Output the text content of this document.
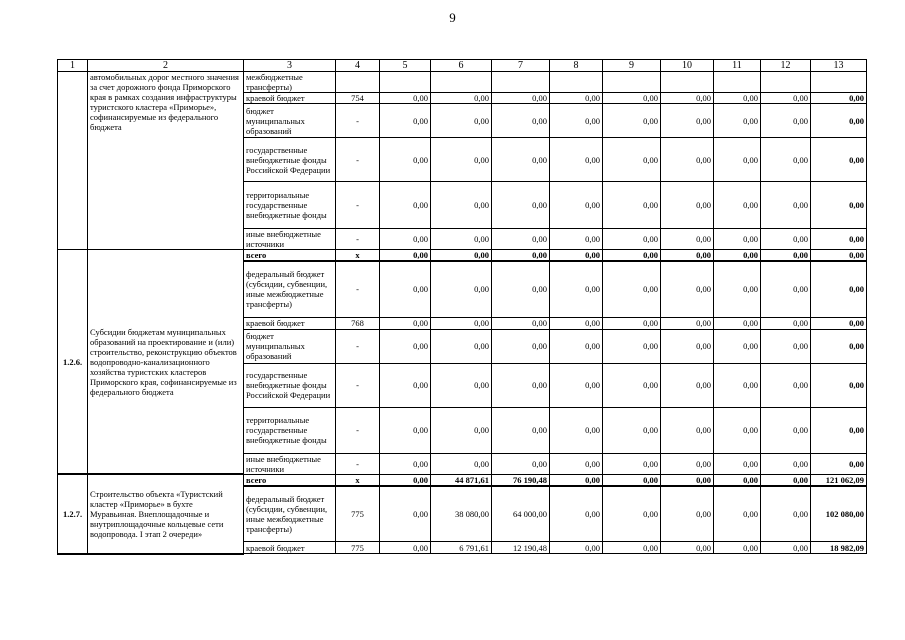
9
1	2	3	4	5	6	7	8	9	10	11	12	13
	автомобильных дорог местного значения за счет дорожного фонда Приморского края в рамках создания инфраструктуры туристского кластера «Приморье», софинансируемые из федерального бюджета	межбюджетные трансферты)										
		краевой бюджет	754	0,00	0,00	0,00	0,00	0,00	0,00	0,00	0,00	0,00
		бюджет муниципальных образований	-	0,00	0,00	0,00	0,00	0,00	0,00	0,00	0,00	0,00
		государственные внебюджетные фонды Российской Федерации	-	0,00	0,00	0,00	0,00	0,00	0,00	0,00	0,00	0,00
		территориальные государственные внебюджетные фонды	-	0,00	0,00	0,00	0,00	0,00	0,00	0,00	0,00	0,00
		иные внебюджетные источники	-	0,00	0,00	0,00	0,00	0,00	0,00	0,00	0,00	0,00
1.2.6.	Субсидии бюджетам муниципальных образований на проектирование и (или) строительство, реконструкцию объектов водопроводно-канализационного хозяйства туристских кластеров Приморского края, софинансируемые из федерального бюджета	всего	х	0,00	0,00	0,00	0,00	0,00	0,00	0,00	0,00	0,00
		федеральный бюджет (субсидии, субвенции, иные межбюджетные трансферты)	-	0,00	0,00	0,00	0,00	0,00	0,00	0,00	0,00	0,00
		краевой бюджет	768	0,00	0,00	0,00	0,00	0,00	0,00	0,00	0,00	0,00
		бюджет муниципальных образований	-	0,00	0,00	0,00	0,00	0,00	0,00	0,00	0,00	0,00
		государственные внебюджетные фонды Российской Федерации	-	0,00	0,00	0,00	0,00	0,00	0,00	0,00	0,00	0,00
		территориальные государственные внебюджетные фонды	-	0,00	0,00	0,00	0,00	0,00	0,00	0,00	0,00	0,00
		иные внебюджетные источники	-	0,00	0,00	0,00	0,00	0,00	0,00	0,00	0,00	0,00
1.2.7.	Строительство объекта «Туристский кластер «Приморье» в бухте Муравьиная. Внеплощадочные и внутриплощадочные кольцевые сети водопровода. I этап 2 очереди»	всего	х	0,00	44 871,61	76 190,48	0,00	0,00	0,00	0,00	0,00	121 062,09
		федеральный бюджет (субсидии, субвенции, иные межбюджетные трансферты)	775	0,00	38 080,00	64 000,00	0,00	0,00	0,00	0,00	0,00	102 080,00
		краевой бюджет	775	0,00	6 791,61	12 190,48	0,00	0,00	0,00	0,00	0,00	18 982,09
